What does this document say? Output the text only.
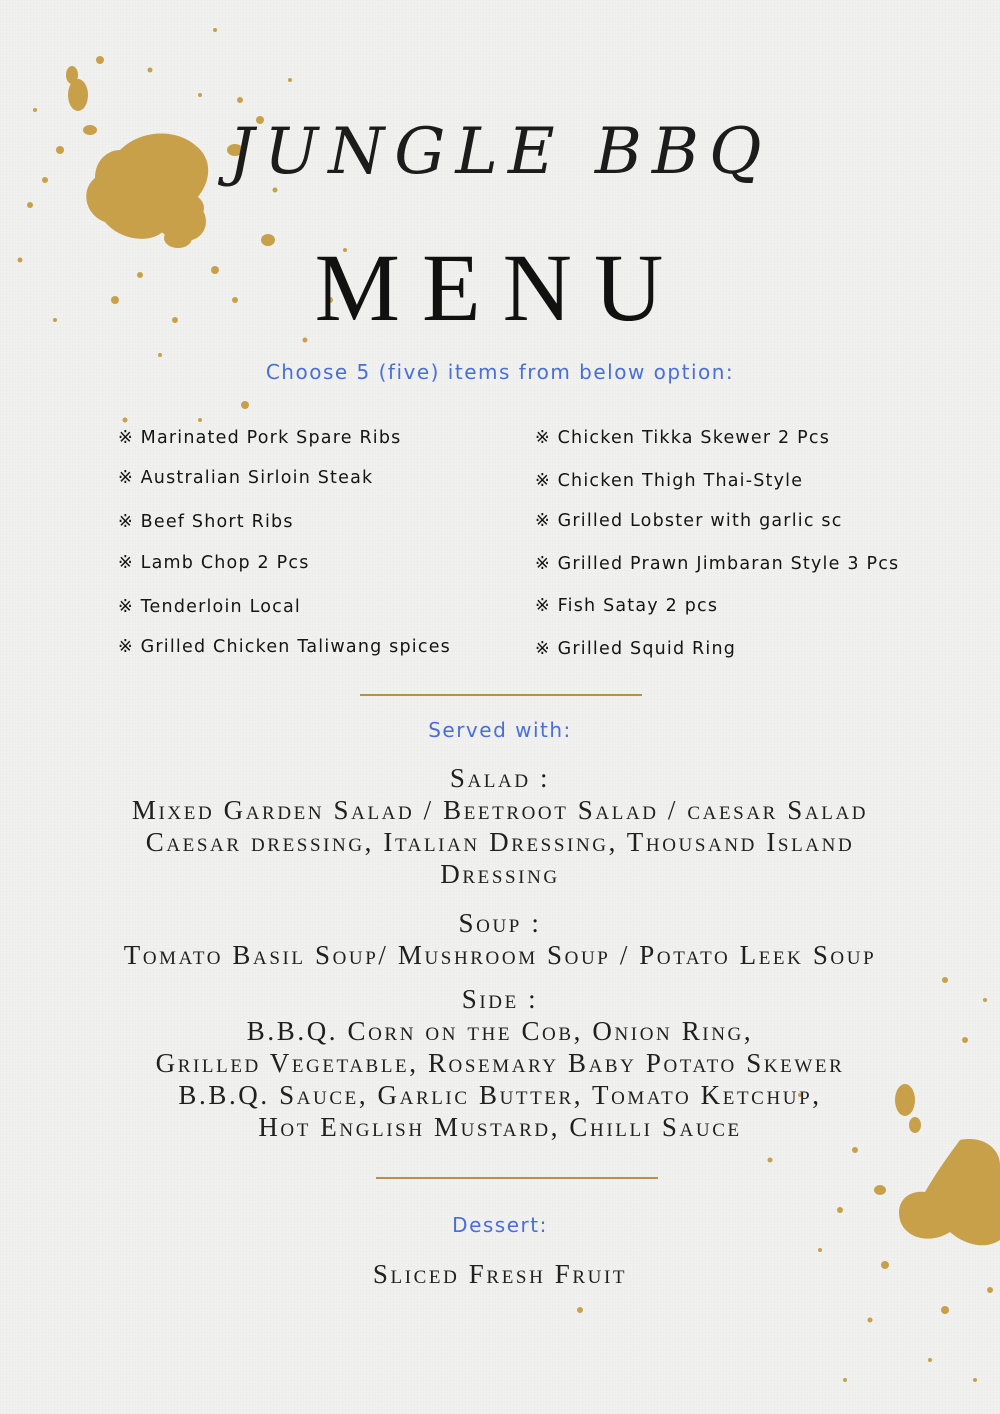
JUNGLE BBQ
MENU

Choose 5 (five) items from below option:

※ Marinated Pork Spare Ribs
※ Australian Sirloin Steak
※ Beef Short Ribs
※ Lamb Chop 2 Pcs
※ Tenderloin Local
※ Grilled Chicken Taliwang spices
※ Chicken Tikka Skewer 2 Pcs
※ Chicken Thigh Thai-Style
※ Grilled Lobster with garlic sc
※ Grilled Prawn Jimbaran Style 3 Pcs
※ Fish Satay 2 pcs
※ Grilled Squid Ring

Served with:

Salad :

Mixed Garden Salad / Beetroot Salad / caesar Salad

Caesar dressing, Italian Dressing, Thousand Island

Dressing

Soup :

Tomato Basil Soup/ Mushroom Soup / Potato Leek Soup

Side :

B.B.Q. Corn on the Cob, Onion Ring,

Grilled Vegetable, Rosemary Baby Potato Skewer

B.B.Q. Sauce, Garlic Butter, Tomato Ketchup,

Hot English Mustard, Chilli Sauce

Dessert:

Sliced Fresh Fruit
